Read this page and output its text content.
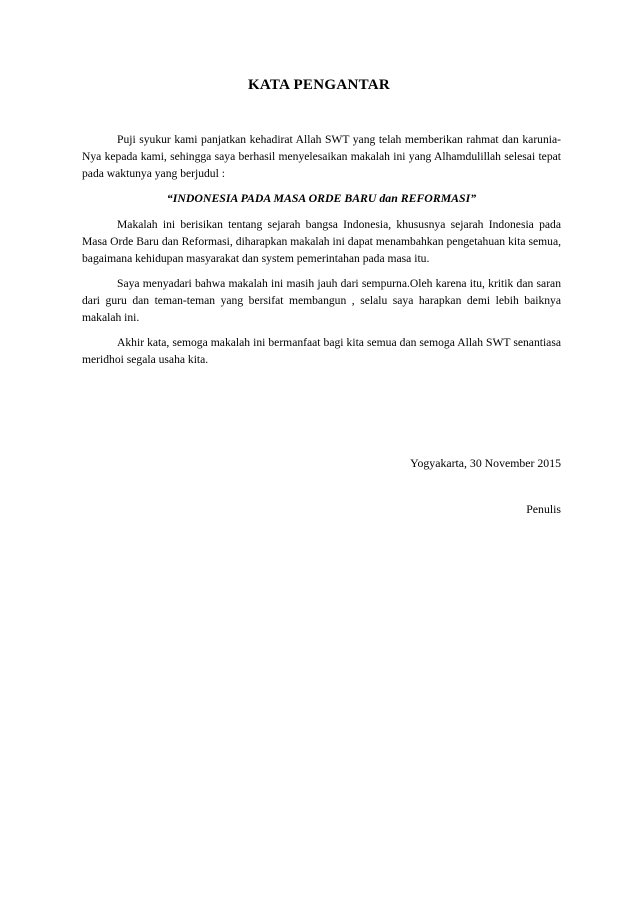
KATA PENGANTAR

Puji syukur kami panjatkan kehadirat Allah SWT yang telah memberikan rahmat dan karunia-Nya kepada kami, sehingga saya berhasil menyelesaikan makalah ini yang Alhamdulillah selesai tepat pada waktunya yang berjudul :

“INDONESIA PADA MASA ORDE BARU dan REFORMASI”

Makalah ini berisikan tentang sejarah bangsa Indonesia, khususnya sejarah Indonesia pada Masa Orde Baru dan Reformasi, diharapkan makalah ini dapat menambahkan pengetahuan kita semua, bagaimana kehidupan masyarakat dan system pemerintahan pada masa itu.

Saya menyadari bahwa makalah ini masih jauh dari sempurna.Oleh karena itu, kritik dan saran dari guru dan teman-teman yang bersifat membangun , selalu saya harapkan demi lebih baiknya makalah ini.

Akhir kata, semoga makalah ini bermanfaat bagi kita semua dan semoga Allah SWT senantiasa meridhoi segala usaha kita.

Yogyakarta, 30 November 2015

Penulis
